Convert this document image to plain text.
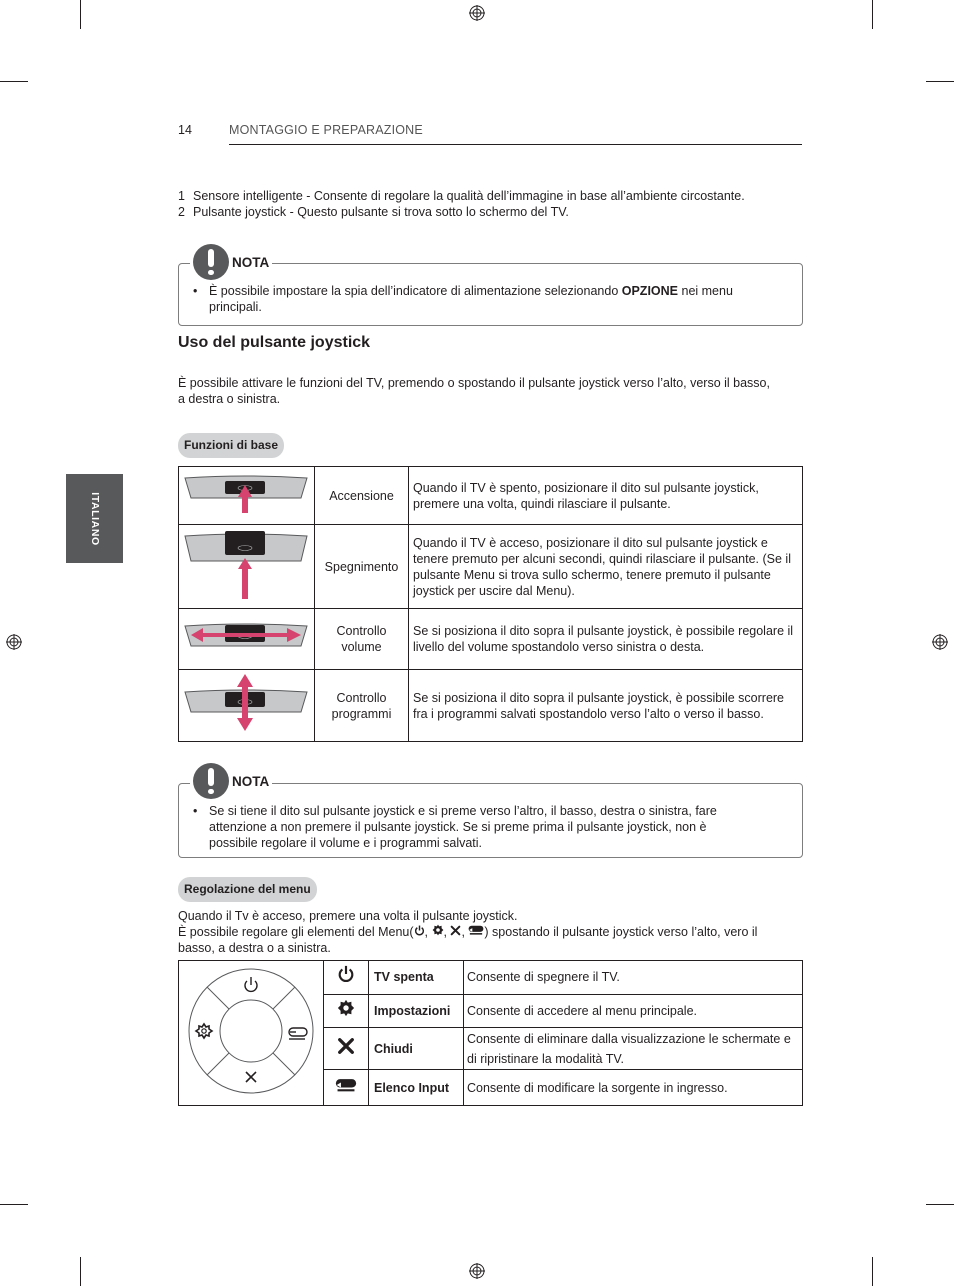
14	MONTAGGIO E PREPARAZIONE
ITALIANO
1 Sensore intelligente - Consente di regolare la qualità dell’immagine in base all’ambiente circostante.
2 Pulsante joystick - Questo pulsante si trova sotto lo schermo del TV.
NOTA
• È possibile impostare la spia dell’indicatore di alimentazione selezionando OPZIONE nei menu
principali.
Uso del pulsante joystick
È possibile attivare le funzioni del TV, premendo o spostando il pulsante joystick verso l’alto, verso il basso,
a destra o sinistra.
Funzioni di base
	Accensione	Quando il TV è spento, posizionare il dito sul pulsante joystick, premere una volta, quindi rilasciare il pulsante.
	Spegnimento	Quando il TV è acceso, posizionare il dito sul pulsante joystick e tenere premuto per alcuni secondi, quindi rilasciare il pulsante. (Se il pulsante Menu si trova sullo schermo, tenere premuto il pulsante joystick per uscire dal Menu).

Controllo volume	Se si posiziona il dito sopra il pulsante joystick, è possibile regolare il livello del volume spostandolo verso sinistra o desta.

Controllo programmi	Se si posiziona il dito sopra il pulsante joystick, è possibile scorrere fra i programmi salvati spostandolo verso l’alto o verso il basso.
NOTA
• Se si tiene il dito sul pulsante joystick e si preme verso l’altro, il basso, destra o sinistra, fare attenzione a non premere il pulsante joystick. Se si preme prima il pulsante joystick, non è possibile regolare il volume e i programmi salvati.
Regolazione del menu
Quando il Tv è acceso, premere una volta il pulsante joystick.
È possibile regolare gli elementi del Menu( , , , ) spostando il pulsante joystick verso l’alto, vero il
basso, a destra o a sinistra.
		TV spenta	Consente di spegnere il TV.
	Impostazioni	Consente di accedere al menu principale.
	Chiudi	Consente di eliminare dalla visualizzazione le schermate e di ripristinare la modalità TV.
	Elenco Input	Consente di modificare la sorgente in ingresso.
